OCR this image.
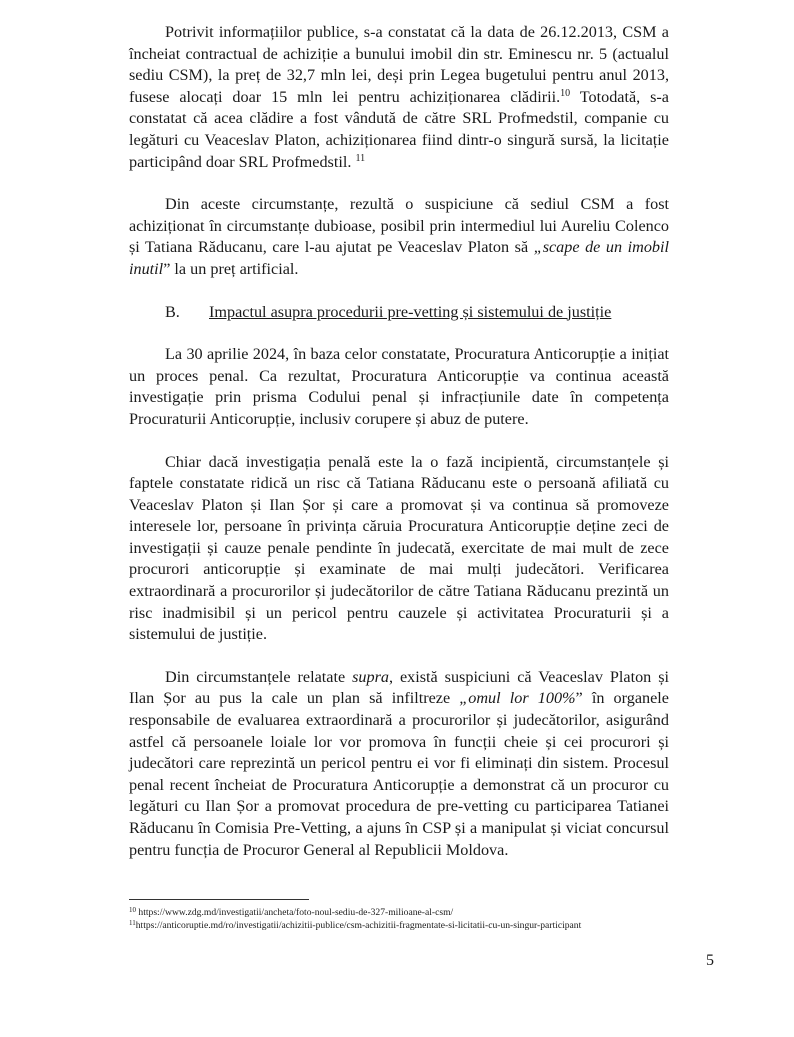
Potrivit informațiilor publice, s-a constatat că la data de 26.12.2013, CSM a încheiat contractual de achiziție a bunului imobil din str. Eminescu nr. 5 (actualul sediu CSM), la preț de 32,7 mln lei, deși prin Legea bugetului pentru anul 2013, fusese alocați doar 15 mln lei pentru achiziționarea clădirii.$^{10}$ Totodată, s-a constatat că acea clădire a fost vândută de către SRL Profmedstil, companie cu legături cu Veaceslav Platon, achiziționarea fiind dintr-o singură sursă, la licitație participând doar SRL Profmedstil. $^{11}$

Din aceste circumstanțe, rezultă o suspiciune că sediul CSM a fost achiziționat în circumstanțe dubioase, posibil prin intermediul lui Aureliu Colenco și Tatiana Răducanu, care l-au ajutat pe Veaceslav Platon să „scape de un imobil inutil” la un preț artificial.

B. Impactul asupra procedurii pre-vetting și sistemului de justiție

La 30 aprilie 2024, în baza celor constatate, Procuratura Anticorupție a inițiat un proces penal. Ca rezultat, Procuratura Anticorupție va continua această investigație prin prisma Codului penal și infracțiunile date în competența Procuraturii Anticorupție, inclusiv corupere și abuz de putere.

Chiar dacă investigația penală este la o fază incipientă, circumstanțele și faptele constatate ridică un risc că Tatiana Răducanu este o persoană afiliată cu Veaceslav Platon și Ilan Șor și care a promovat și va continua să promoveze interesele lor, persoane în privința căruia Procuratura Anticorupție deține zeci de investigații și cauze penale pendinte în judecată, exercitate de mai mult de zece procurori anticorupție și examinate de mai mulți judecători. Verificarea extraordinară a procurorilor și judecătorilor de către Tatiana Răducanu prezintă un risc inadmisibil și un pericol pentru cauzele și activitatea Procuraturii și a sistemului de justiție.

Din circumstanțele relatate supra, există suspiciuni că Veaceslav Platon și Ilan Șor au pus la cale un plan să infiltreze „omul lor 100%” în organele responsabile de evaluarea extraordinară a procurorilor și judecătorilor, asigurând astfel că persoanele loiale lor vor promova în funcții cheie și cei procurori și judecători care reprezintă un pericol pentru ei vor fi eliminați din sistem. Procesul penal recent încheiat de Procuratura Anticorupție a demonstrat că un procuror cu legături cu Ilan Șor a promovat procedura de pre-vetting cu participarea Tatianei Răducanu în Comisia Pre-Vetting, a ajuns în CSP și a manipulat și viciat concursul pentru funcția de Procuror General al Republicii Moldova.

$^{10}$ https://www.zdg.md/investigatii/ancheta/foto-noul-sediu-de-327-milioane-al-csm/

$^{11}$https://anticoruptie.md/ro/investigatii/achizitii-publice/csm-achizitii-fragmentate-si-licitatii-cu-un-singur-participant

5
